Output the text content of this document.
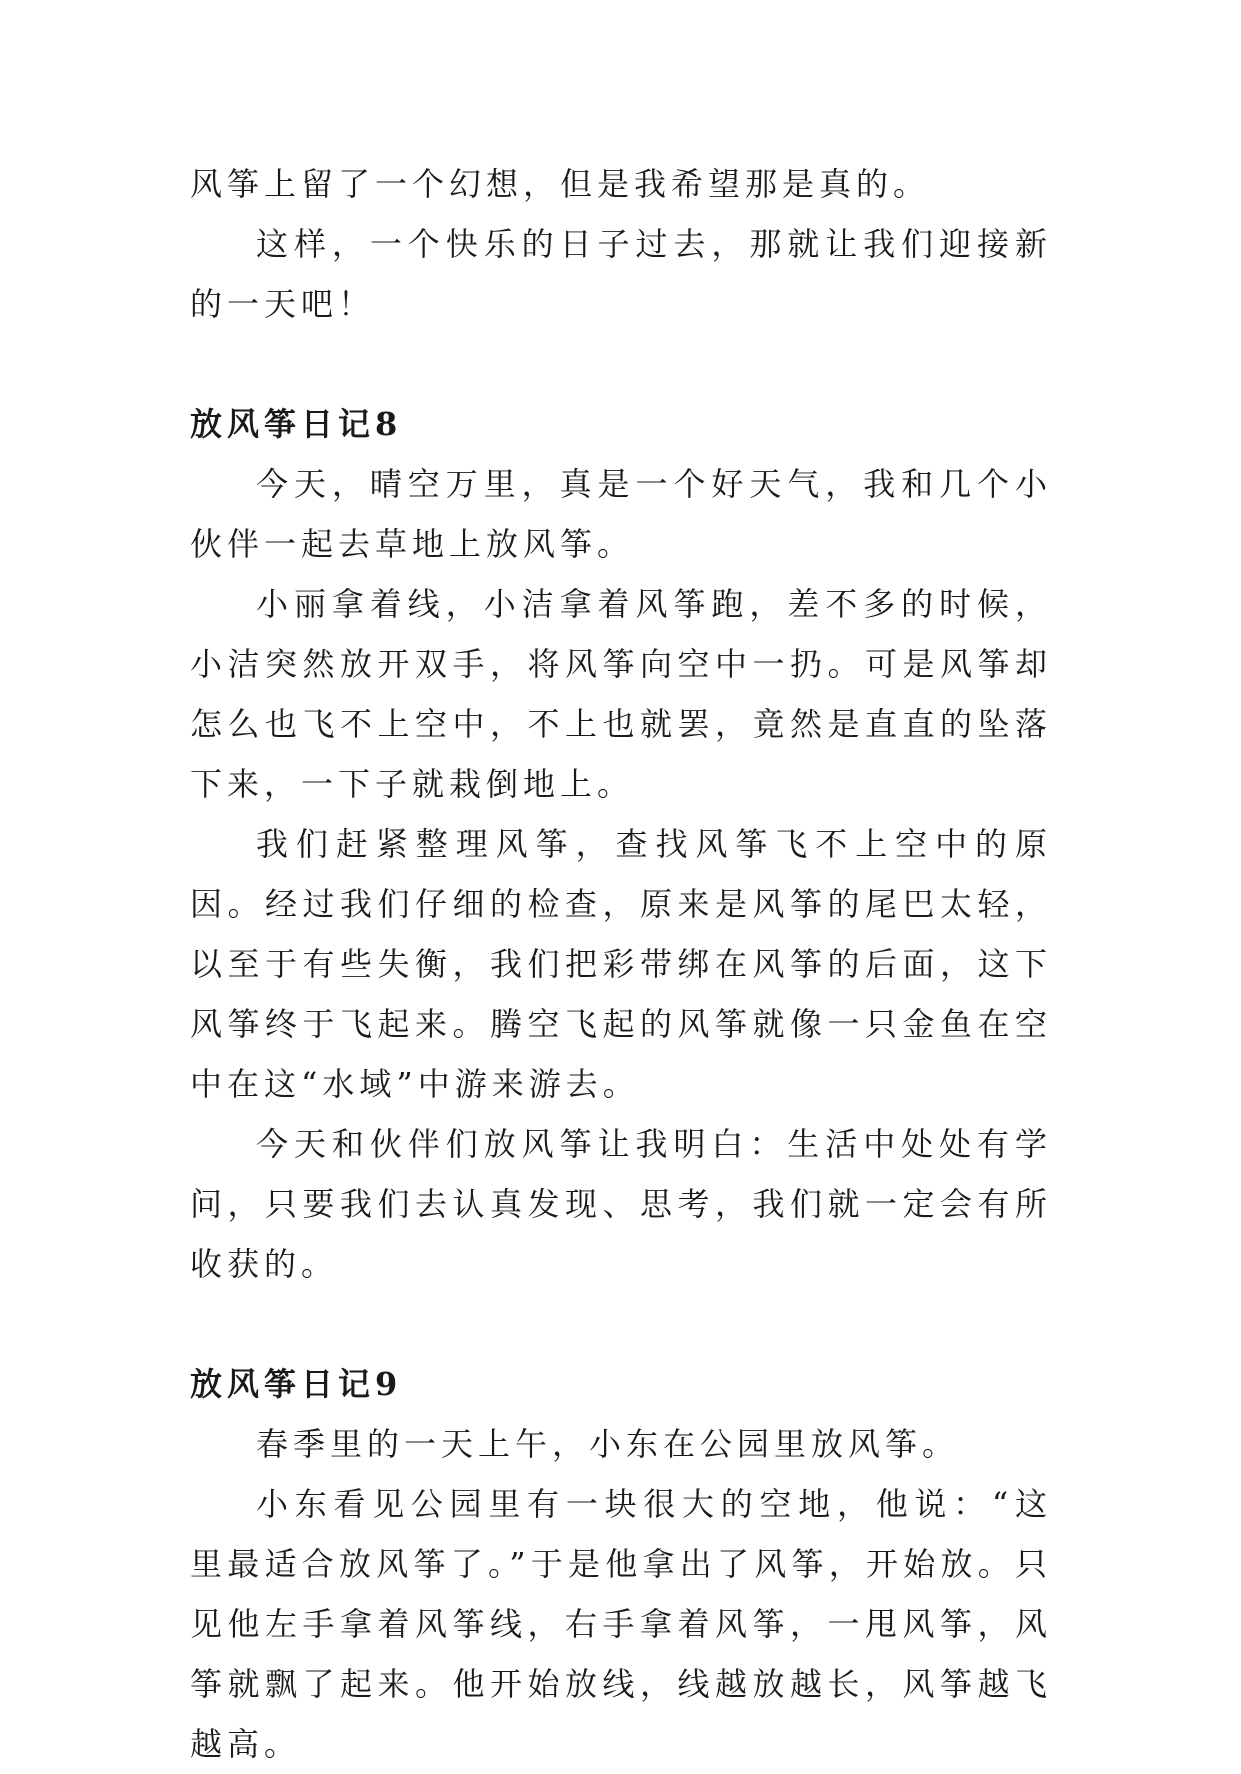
风筝上留了一个幻想，但是我希望那是真的。

这样，一个快乐的日子过去，那就让我们迎接新的一天吧！

放风筝日记8

今天，晴空万里，真是一个好天气，我和几个小伙伴一起去草地上放风筝。

小丽拿着线，小洁拿着风筝跑，差不多的时候，小洁突然放开双手，将风筝向空中一扔。可是风筝却怎么也飞不上空中，不上也就罢，竟然是直直的坠落下来，一下子就栽倒地上。

我们赶紧整理风筝，查找风筝飞不上空中的原因。经过我们仔细的检查，原来是风筝的尾巴太轻，以至于有些失衡，我们把彩带绑在风筝的后面，这下风筝终于飞起来。腾空飞起的风筝就像一只金鱼在空中在这“水域”中游来游去。

今天和伙伴们放风筝让我明白：生活中处处有学问，只要我们去认真发现、思考，我们就一定会有所收获的。

放风筝日记9

春季里的一天上午，小东在公园里放风筝。

小东看见公园里有一块很大的空地，他说：“这里最适合放风筝了。”于是他拿出了风筝，开始放。只见他左手拿着风筝线，右手拿着风筝，一甩风筝，风筝就飘了起来。他开始放线，线越放越长，风筝越飞越高。
